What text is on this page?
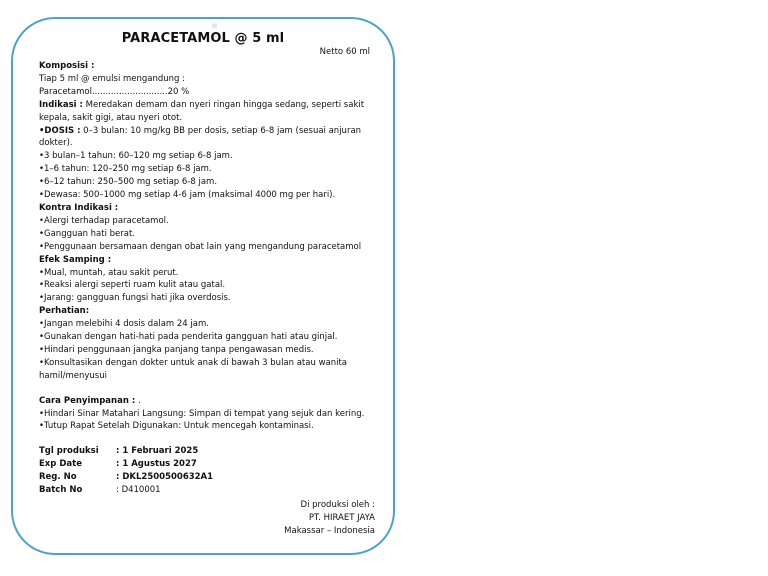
®
PARACETAMOL @ 5 ml
Netto 60 ml
Komposisi :
Tiap 5 ml @ emulsi mengandung :
Paracetamol............................20 %
Indikasi : Meredakan demam dan nyeri ringan hingga sedang, seperti sakit kepala, sakit gigi, atau nyeri otot.
•DOSIS : 0–3 bulan: 10 mg/kg BB per dosis, setiap 6-8 jam (sesuai anjuran dokter).
•3 bulan–1 tahun: 60–120 mg setiap 6-8 jam.
•1–6 tahun: 120–250 mg setiap 6-8 jam.
•6–12 tahun: 250–500 mg setiap 6-8 jam.
•Dewasa: 500–1000 mg setiap 4-6 jam (maksimal 4000 mg per hari).
Kontra Indikasi :
•Alergi terhadap paracetamol.
•Gangguan hati berat.
•Penggunaan bersamaan dengan obat lain yang mengandung paracetamol
Efek Samping :
•Mual, muntah, atau sakit perut.
•Reaksi alergi seperti ruam kulit atau gatal.
•Jarang: gangguan fungsi hati jika overdosis.
Perhatian:
•Jangan melebihi 4 dosis dalam 24 jam.
•Gunakan dengan hati-hati pada penderita gangguan hati atau ginjal.
•Hindari penggunaan jangka panjang tanpa pengawasan medis.
•Konsultasikan dengan dokter untuk anak di bawah 3 bulan atau wanita hamil/menyusui
Cara Penyimpanan : .
•Hindari Sinar Matahari Langsung: Simpan di tempat yang sejuk dan kering.
•Tutup Rapat Setelah Digunakan: Untuk mencegah kontaminasi.
Tgl produksi	: 1 Februari 2025
Exp Date	: 1 Agustus 2027
Reg. No	: DKL2500500632A1
Batch No	: D410001
Di produksi oleh :
PT. HIRAET JAYA
Makassar – Indonesia
